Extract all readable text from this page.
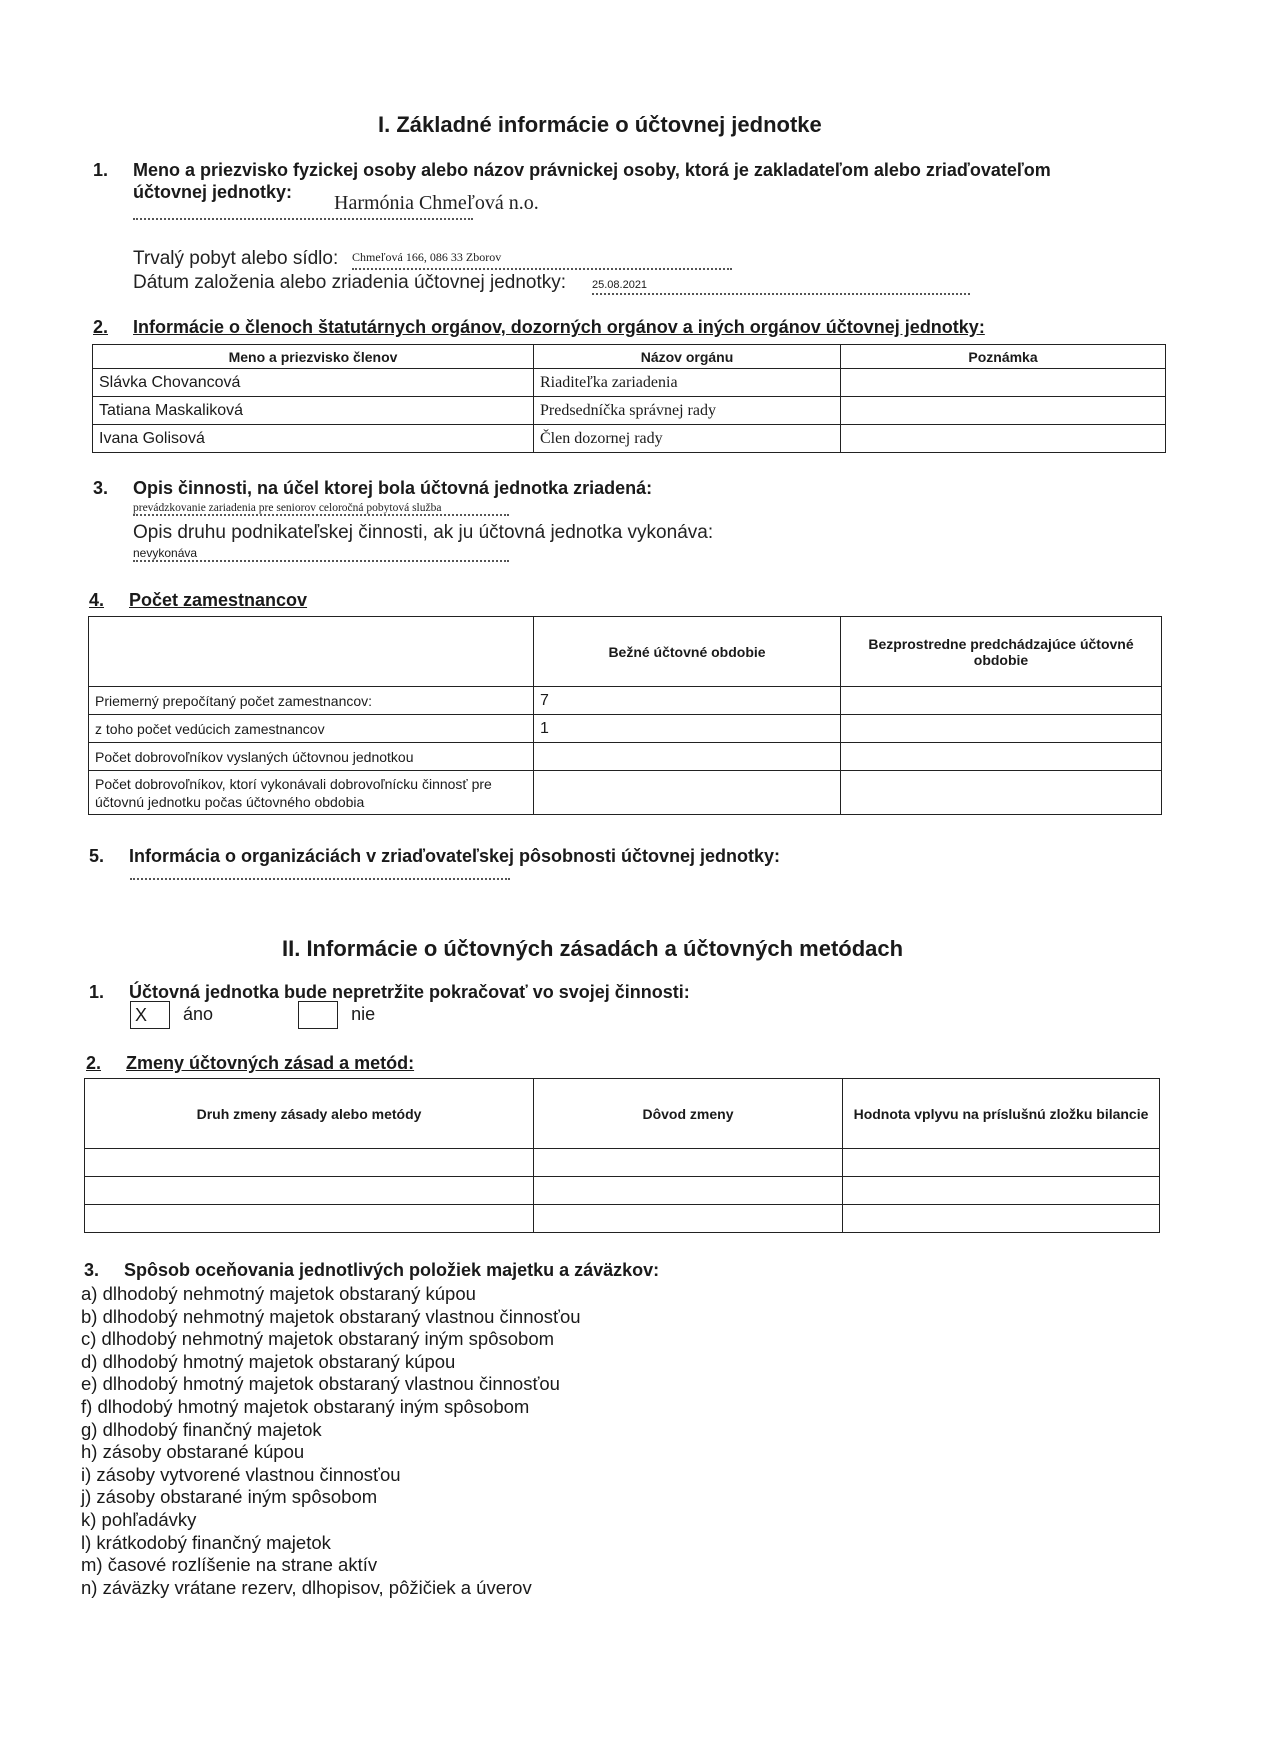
I. Základné informácie o účtovnej jednotke
1. Meno a priezvisko fyzickej osoby alebo názov právnickej osoby, ktorá je zakladateľom alebo zriaďovateľom
účtovnej jednotky: Harmónia Chmeľová n.o.
Trvalý pobyt alebo sídlo: Chmeľová 166, 086 33 Zborov
Dátum založenia alebo zriadenia účtovnej jednotky: 25.08.2021
2. Informácie o členoch štatutárnych orgánov, dozorných orgánov a iných orgánov účtovnej jednotky:
Meno a priezvisko členov	Názov orgánu	Poznámka
Slávka Chovancová	Riaditeľka zariadenia	
Tatiana Maskaliková	Predsedníčka správnej rady	
Ivana Golisová	Člen dozornej rady	
3. Opis činnosti, na účel ktorej bola účtovná jednotka zriadená:
prevádzkovanie zariadenia pre seniorov celoročná pobytová služba
Opis druhu podnikateľskej činnosti, ak ju účtovná jednotka vykonáva:
nevykonáva
4. Počet zamestnancov
	Bežné účtovné obdobie	Bezprostredne predchádzajúce účtovné obdobie
Priemerný prepočítaný počet zamestnancov:	7	
z toho počet vedúcich zamestnancov	1	
Počet dobrovoľníkov vyslaných účtovnou jednotkou		
Počet dobrovoľníkov, ktorí vykonávali dobrovoľnícku činnosť pre účtovnú jednotku počas účtovného obdobia		
5. Informácia o organizáciách v zriaďovateľskej pôsobnosti účtovnej jednotky:
II. Informácie o účtovných zásadách a účtovných metódach
1. Účtovná jednotka bude nepretržite pokračovať vo svojej činnosti:
X áno	nie
2. Zmeny účtovných zásad a metód:
Druh zmeny zásady alebo metódy	Dôvod zmeny	Hodnota vplyvu na príslušnú zložku bilancie

3. Spôsob oceňovania jednotlivých položiek majetku a záväzkov:
a) dlhodobý nehmotný majetok obstaraný kúpou
b) dlhodobý nehmotný majetok obstaraný vlastnou činnosťou
c) dlhodobý nehmotný majetok obstaraný iným spôsobom
d) dlhodobý hmotný majetok obstaraný kúpou
e) dlhodobý hmotný majetok obstaraný vlastnou činnosťou
f) dlhodobý hmotný majetok obstaraný iným spôsobom
g) dlhodobý finančný majetok
h) zásoby obstarané kúpou
i) zásoby vytvorené vlastnou činnosťou
j) zásoby obstarané iným spôsobom
k) pohľadávky
l) krátkodobý finančný majetok
m) časové rozlíšenie na strane aktív
n) záväzky vrátane rezerv, dlhopisov, pôžičiek a úverov
